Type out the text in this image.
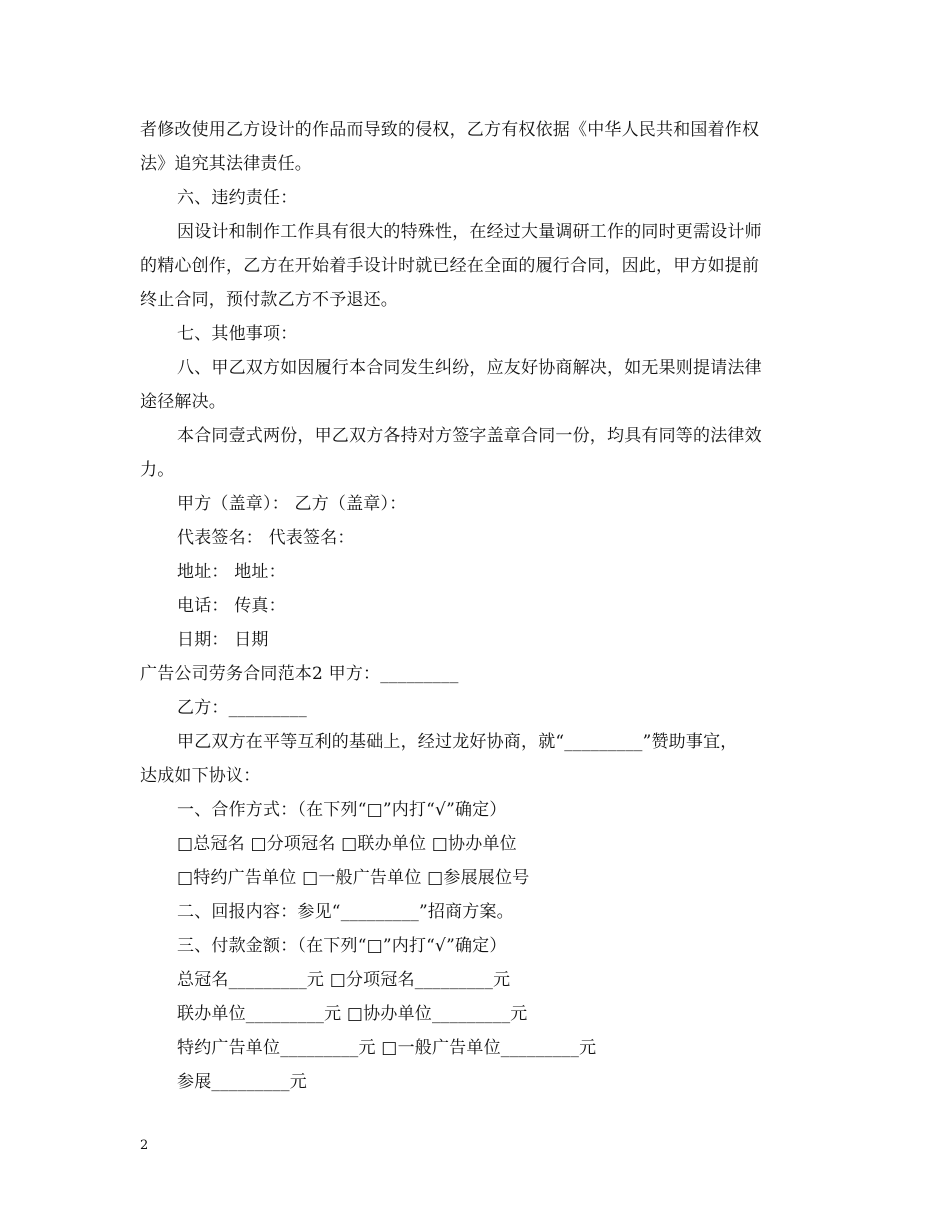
者修改使用乙方设计的作品而导致的侵权，乙方有权依据《中华人民共和国着作权
法》追究其法律责任。
六、违约责任：
因设计和制作工作具有很大的特殊性，在经过大量调研工作的同时更需设计师
的精心创作，乙方在开始着手设计时就已经在全面的履行合同，因此，甲方如提前
终止合同，预付款乙方不予退还。
七、其他事项：
八、甲乙双方如因履行本合同发生纠纷，应友好协商解决，如无果则提请法律
途径解决。
本合同壹式两份，甲乙双方各持对方签字盖章合同一份，均具有同等的法律效
力。
甲方（盖章）： 乙方（盖章）：
代表签名： 代表签名：
地址： 地址：
电话： 传真：
日期： 日期
广告公司劳务合同范本2 甲方：_________
乙方：_________
甲乙双方在平等互利的基础上，经过龙好协商，就“_________”赞助事宜，
达成如下协议：
一、合作方式：（在下列“□”内打“√”确定）
□总冠名 □分项冠名 □联办单位 □协办单位
□特约广告单位 □一般广告单位 □参展展位号
二、回报内容：参见“_________”招商方案。
三、付款金额：（在下列“□”内打“√”确定）
总冠名_________元 □分项冠名_________元
联办单位_________元 □协办单位_________元
特约广告单位_________元 □一般广告单位_________元
参展_________元
2
